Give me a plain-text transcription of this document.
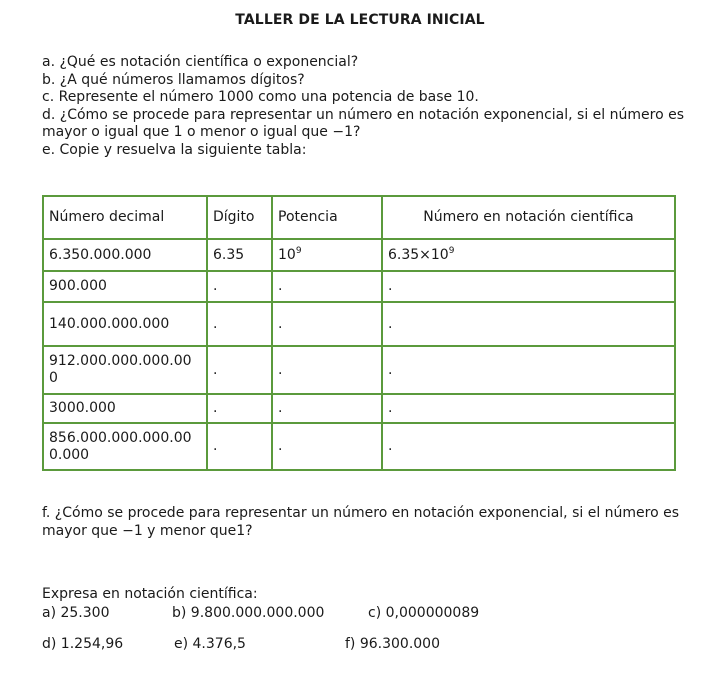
TALLER DE LA LECTURA INICIAL

a. ¿Qué es notación científica o exponencial?

b. ¿A qué números llamamos dígitos?

c. Represente el número 1000 como una potencia de base 10.

d. ¿Cómo se procede para representar un número en notación exponencial, si el número es mayor o igual que 1 o menor o igual que −1?

e. Copie y resuelva la siguiente tabla:

Número decimal	Dígito	Potencia	Número en notación científica
6.350.000.000	6.35	$10^9$	$6.35\times 10^9$
900.000	.	.	.
140.000.000.000	.	.	.
912.000.000.000.00 0	.	.	.
3000.000	.	.	.
856.000.000.000.00 0.000	.	.	.

f. ¿Cómo se procede para representar un número en notación exponencial, si el número es mayor que −1 y menor que1?

Expresa en notación científica:

a) 25.300	b) 9.800.000.000.000	c) 0,000000089
d) 1.254,96	e) 4.376,5	f) 96.300.000
